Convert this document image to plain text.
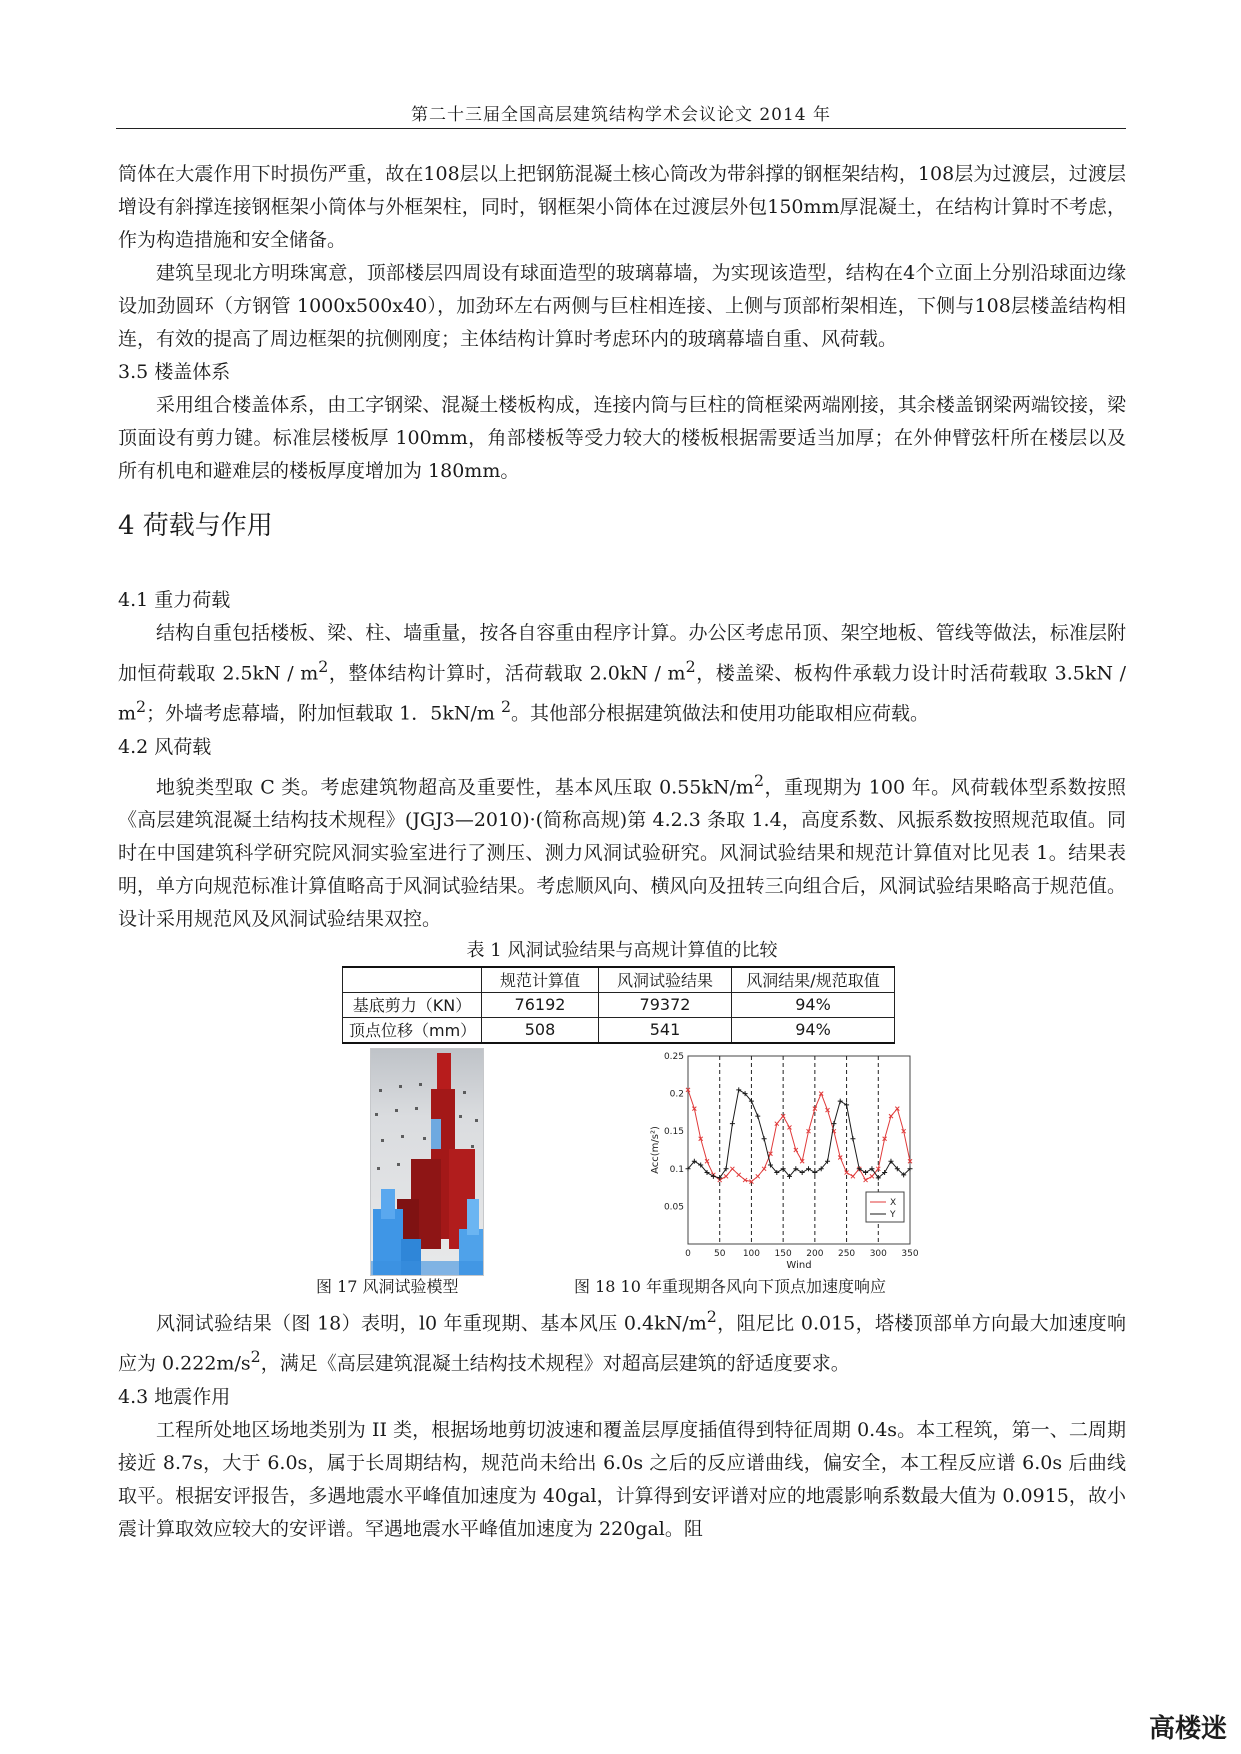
第二十三届全国高层建筑结构学术会议论文 2014 年

筒体在大震作用下时损伤严重，故在108层以上把钢筋混凝土核心筒改为带斜撑的钢框架结构，108层为过渡层，过渡层增设有斜撑连接钢框架小筒体与外框架柱，同时，钢框架小筒体在过渡层外包150mm厚混凝土，在结构计算时不考虑，作为构造措施和安全储备。

建筑呈现北方明珠寓意，顶部楼层四周设有球面造型的玻璃幕墙，为实现该造型，结构在4个立面上分别沿球面边缘设加劲圆环（方钢管 1000x500x40），加劲环左右两侧与巨柱相连接、上侧与顶部桁架相连，下侧与108层楼盖结构相连，有效的提高了周边框架的抗侧刚度；主体结构计算时考虑环内的玻璃幕墙自重、风荷载。

3.5 楼盖体系

采用组合楼盖体系，由工字钢梁、混凝土楼板构成，连接内筒与巨柱的筒框梁两端刚接，其余楼盖钢梁两端铰接，梁顶面设有剪力键。标准层楼板厚 100mm，角部楼板等受力较大的楼板根据需要适当加厚；在外伸臂弦杆所在楼层以及所有机电和避难层的楼板厚度增加为 180mm。

4 荷载与作用

4.1 重力荷载

结构自重包括楼板、梁、柱、墙重量，按各自容重由程序计算。办公区考虑吊顶、架空地板、管线等做法，标准层附加恒荷载取 $2.5kN / m^2$，整体结构计算时，活荷载取 $2.0kN / m^2$，楼盖梁、板构件承载力设计时活荷载取 $3.5kN / m^2$；外墙考虑幕墙，附加恒载取 1．5kN/m $^2$。其他部分根据建筑做法和使用功能取相应荷载。

4.2 风荷载

地貌类型取 C 类。考虑建筑物超高及重要性，基本风压取 $0.55kN/m^2$，重现期为 100 年。风荷载体型系数按照《高层建筑混凝土结构技术规程》(JGJ3—2010)·(简称高规)第 4.2.3 条取 1.4，高度系数、风振系数按照规范取值。同时在中国建筑科学研究院风洞实验室进行了测压、测力风洞试验研究。风洞试验结果和规范计算值对比见表 1。结果表明，单方向规范标准计算值略高于风洞试验结果。考虑顺风向、横风向及扭转三向组合后，风洞试验结果略高于规范值。设计采用规范风及风洞试验结果双控。

表 1 风洞试验结果与高规计算值的比较

	规范计算值	风洞试验结果	风洞结果/规范取值
基底剪力（KN）	76192	79372	94%
顶点位移（mm）	508	541	94%
0	50 100 150 200 250 300 350
0.05
0.1
0.15
0.2
0.25
Wind
Acc(m/s²)
X
Y
图 17 风洞试验模型	图 18 10 年重现期各风向下顶点加速度响应

风洞试验结果（图 18）表明，l0 年重现期、基本风压 $0.4kN/m^2$，阻尼比 0.015，塔楼顶部单方向最大加速度响应为 $0.222m/s^2$，满足《高层建筑混凝土结构技术规程》对超高层建筑的舒适度要求。

4.3 地震作用

工程所处地区场地类别为 II 类，根据场地剪切波速和覆盖层厚度插值得到特征周期 0.4s。本工程筑，第一、二周期接近 8.7s，大于 6.0s，属于长周期结构，规范尚未给出 6.0s 之后的反应谱曲线，偏安全，本工程反应谱 6.0s 后曲线取平。根据安评报告，多遇地震水平峰值加速度为 40gal，计算得到安评谱对应的地震影响系数最大值为 0.0915，故小震计算取效应较大的安评谱。罕遇地震水平峰值加速度为 220gal。阻

高楼迷
